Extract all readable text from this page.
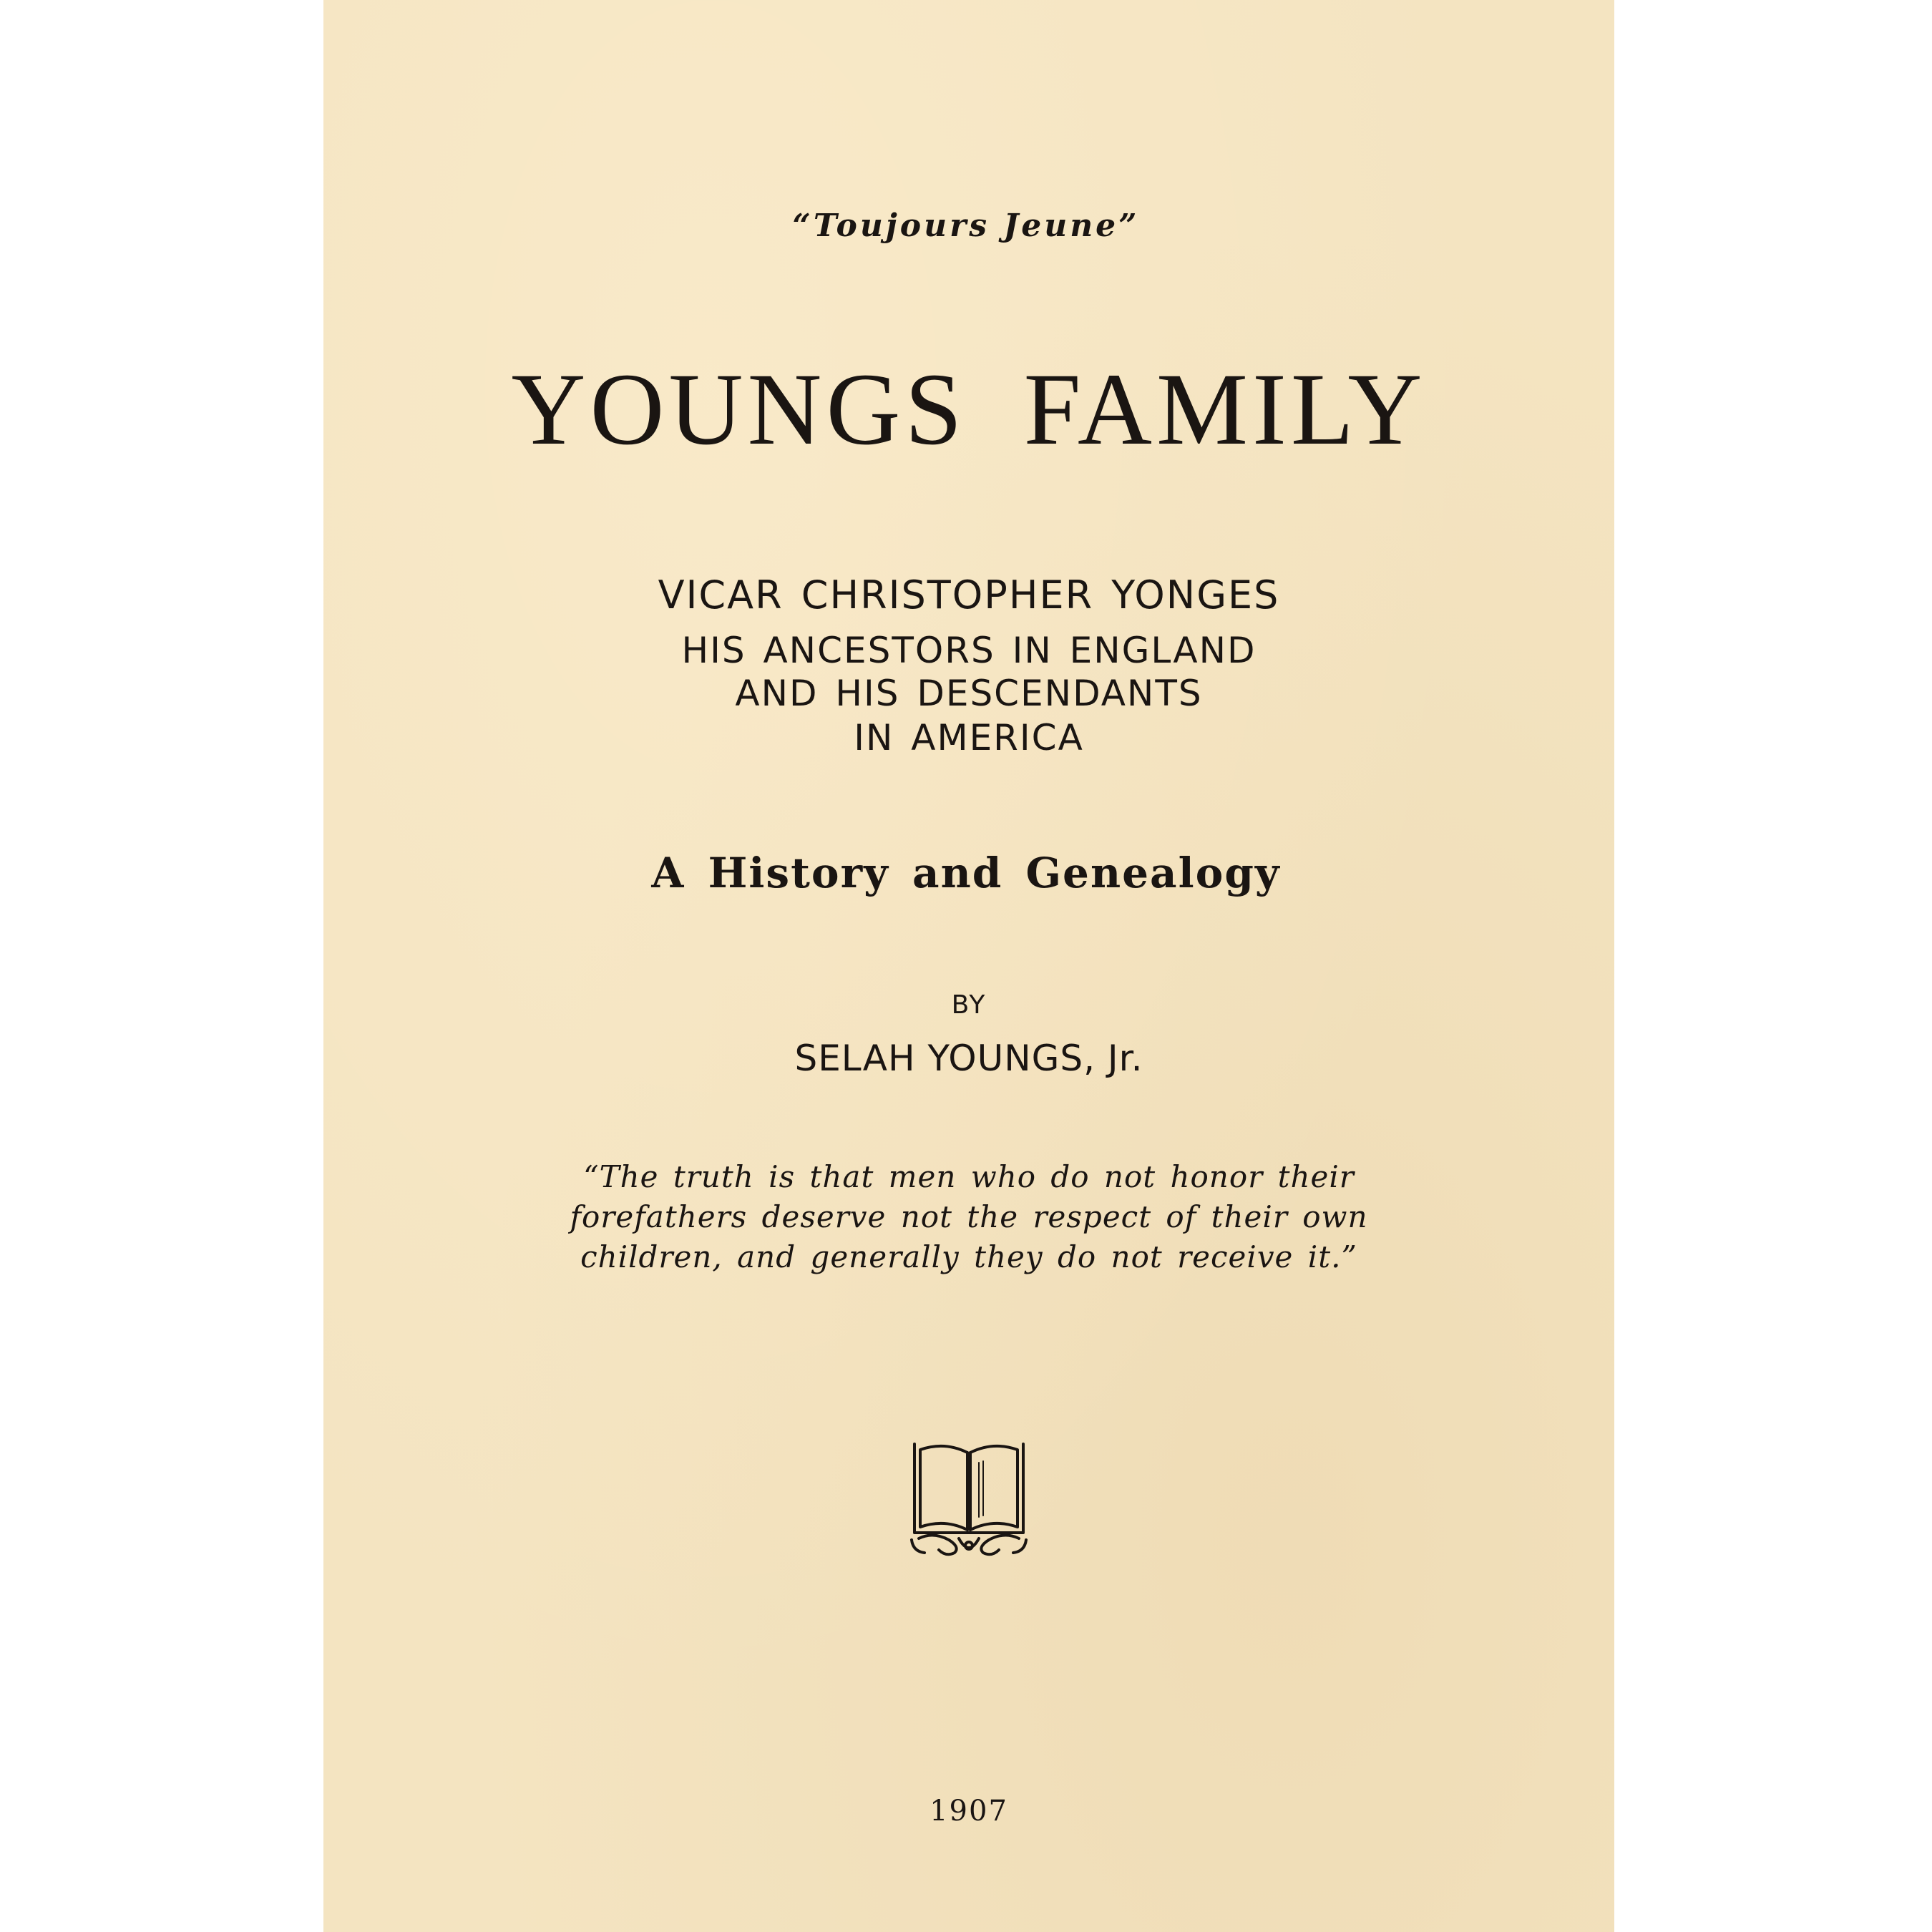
“Toujours Jeune”
YOUNGS FAMILY
VICAR CHRISTOPHER YONGES
HIS ANCESTORS IN ENGLAND
AND HIS DESCENDANTS
IN AMERICA
A History and Genealogy
BY
SELAH YOUNGS, Jr.
“The truth is that men who do not honor their
forefathers deserve not the respect of their own
children, and generally they do not receive it.”
1907
